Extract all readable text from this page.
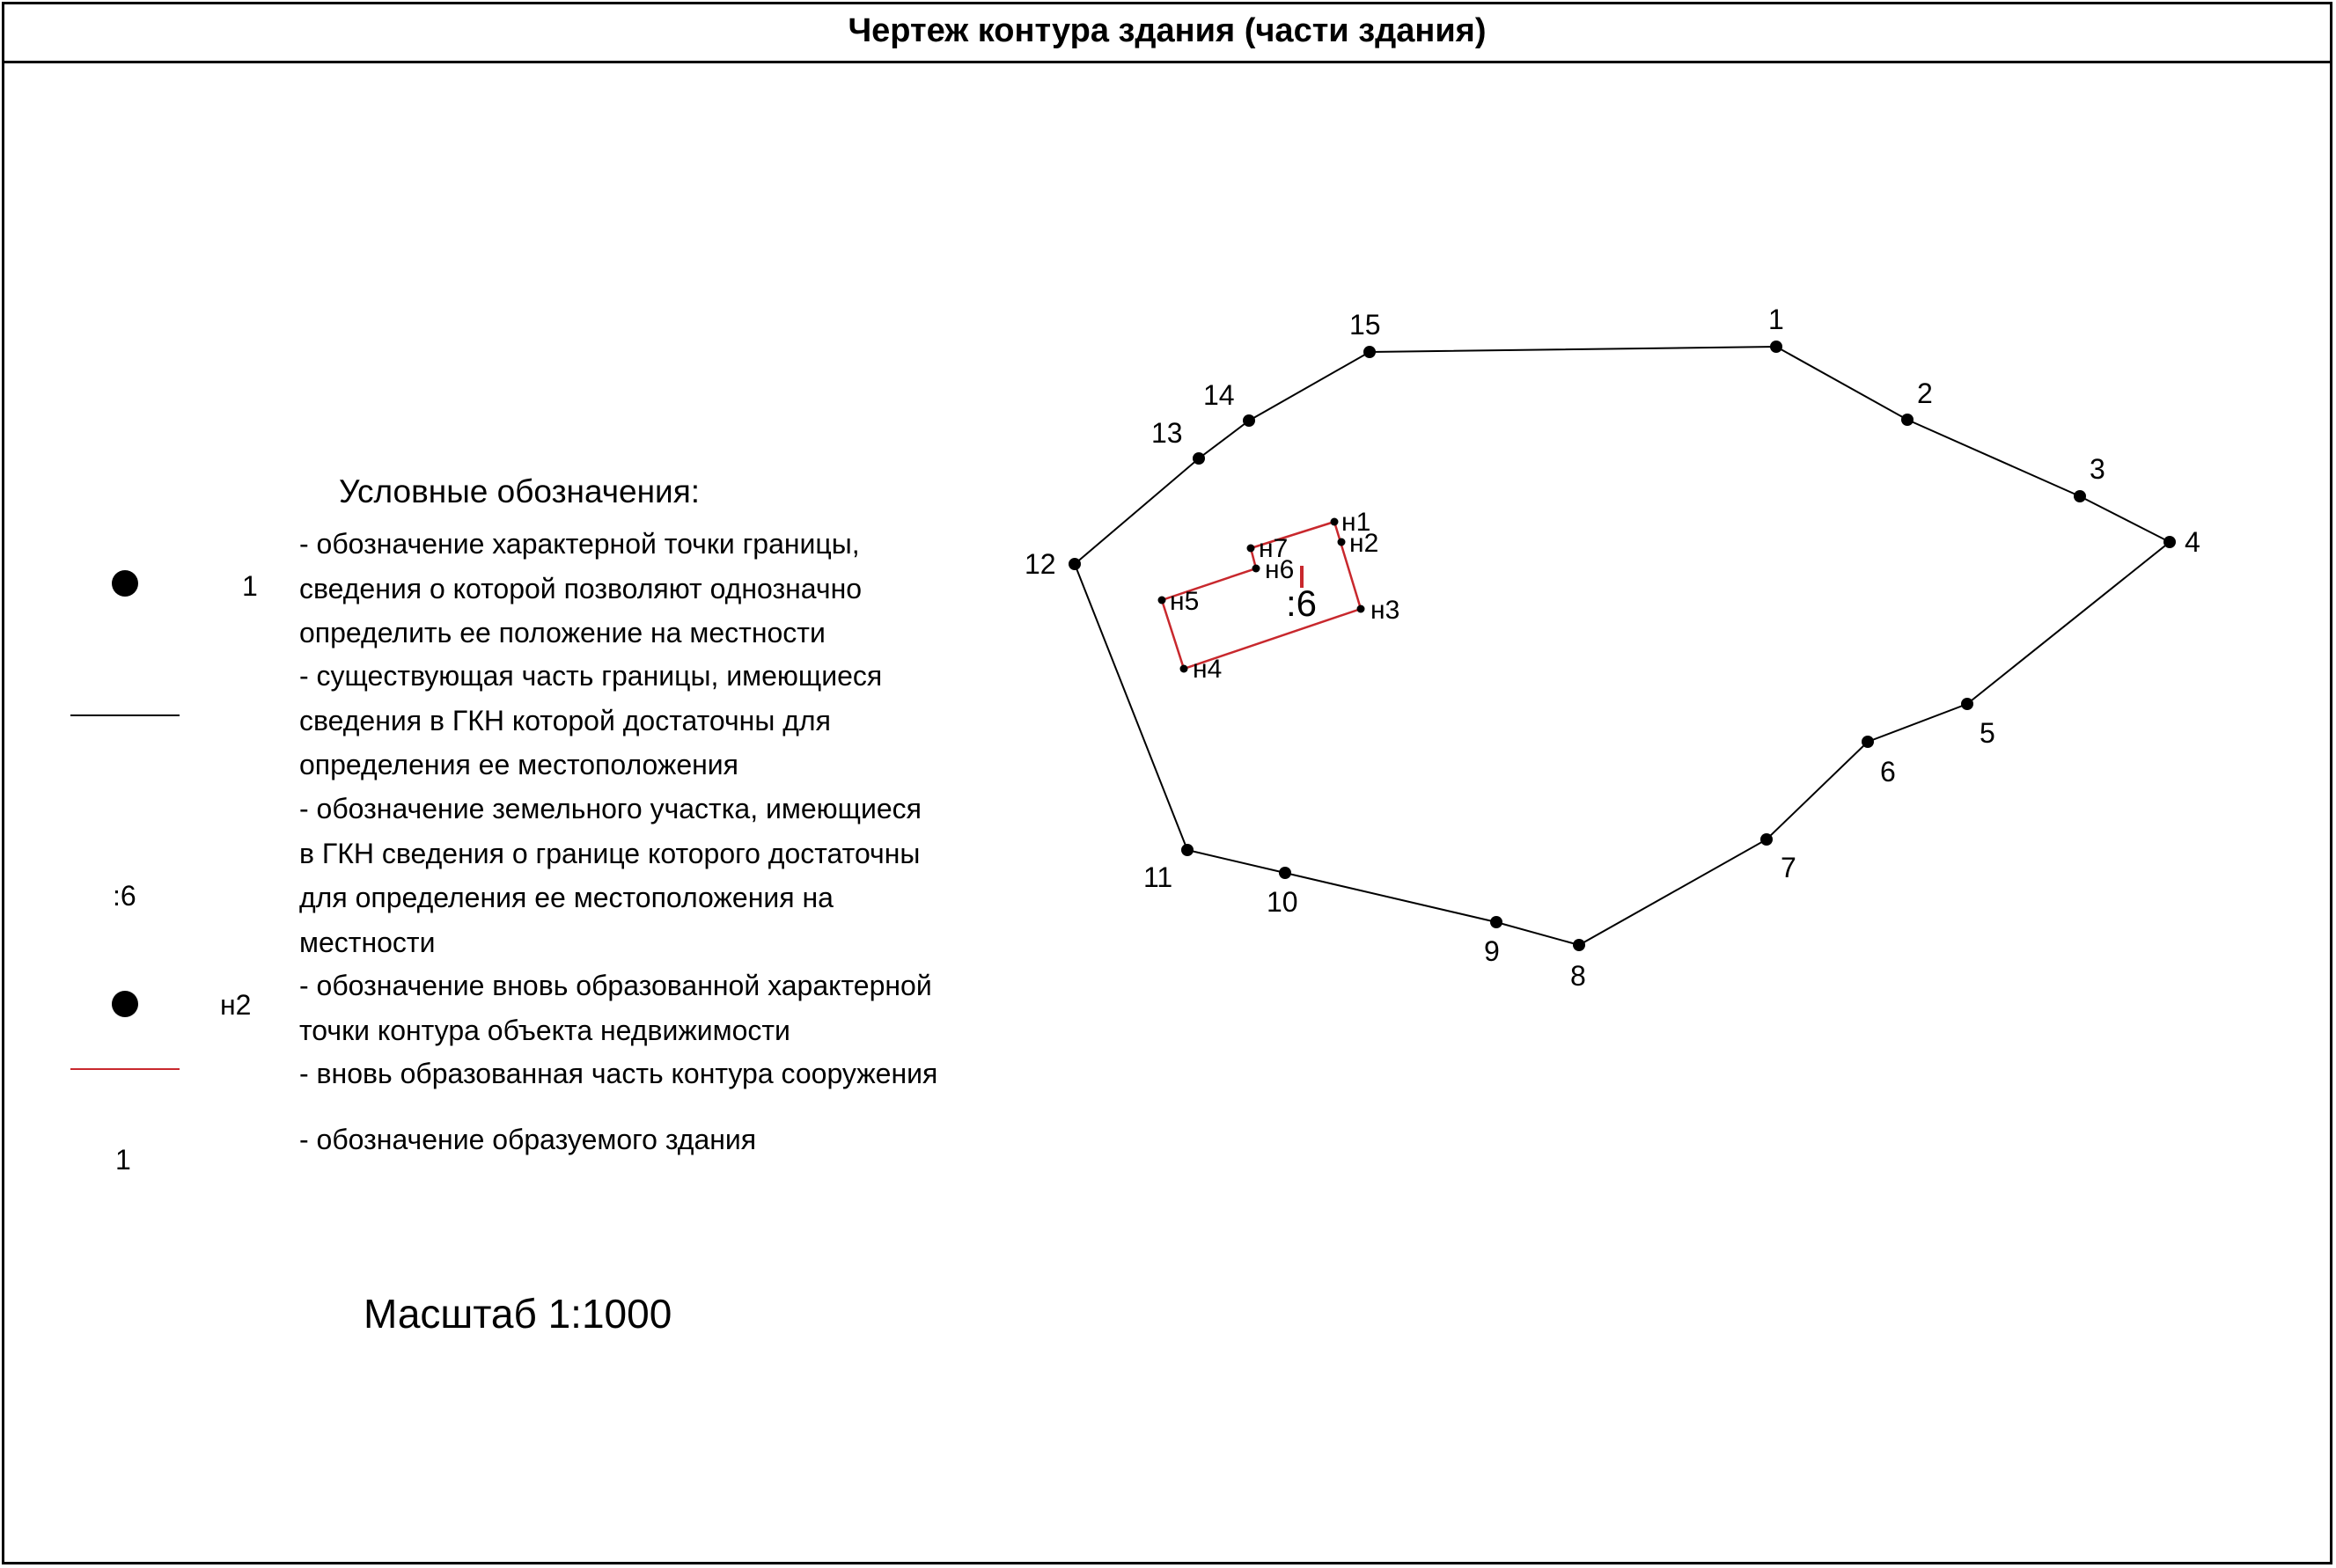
Чертеж контура здания (части здания)
Условные обозначения:
1
- обозначение характерной точки границы,
сведения о которой позволяют однозначно
определить ее положение на местности
- существующая часть границы, имеющиеся
сведения в ГКН которой достаточны для
определения ее местоположения
:6
- обозначение земельного участка, имеющиеся
в ГКН сведения о границе которого достаточны
для определения ее местоположения на
местности
н2
- обозначение вновь образованной характерной
точки контура объекта недвижимости
- вновь образованная часть контура сооружения
1
- обозначение образуемого здания
Масштаб 1:1000
1
2
3
4
5
6
7
8
9
10
11
12
13
14
15
н1
н2
н3
н4
н5
н6
н7
:6
